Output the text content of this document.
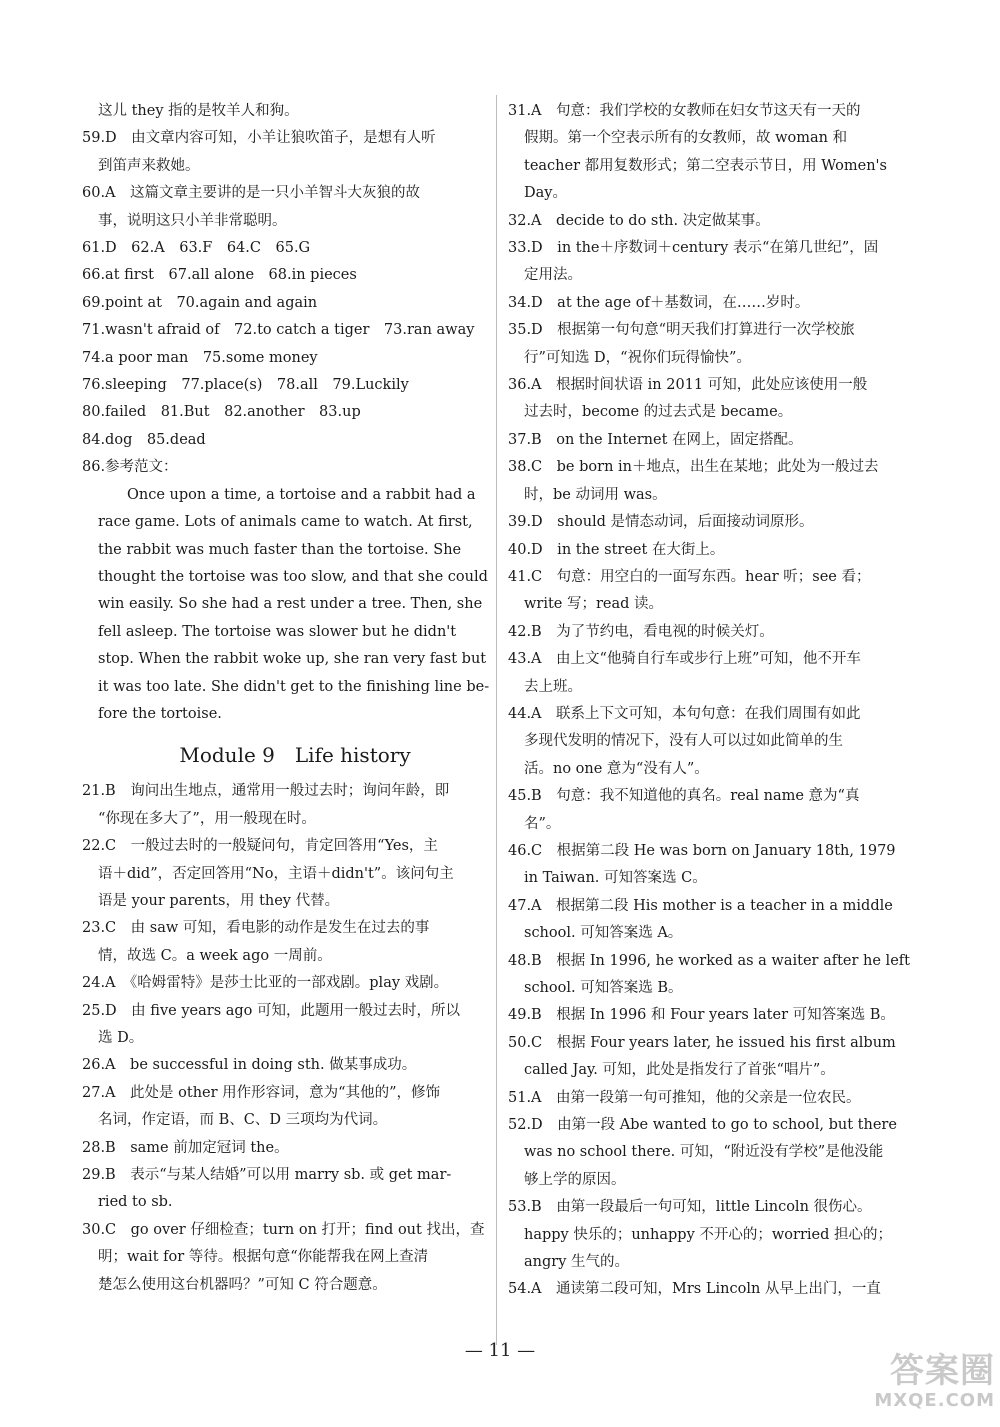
这儿 they 指的是牧羊人和狗。
59.D　由文章内容可知，小羊让狼吹笛子，是想有人听
到笛声来救她。
60.A　这篇文章主要讲的是一只小羊智斗大灰狼的故
事，说明这只小羊非常聪明。
61.D　62.A　63.F　64.C　65.G
66.at first　67.all alone　68.in pieces
69.point at　70.again and again
71.wasn't afraid of　72.to catch a tiger　73.ran away
74.a poor man　75.some money
76.sleeping　77.place(s)　78.all　79.Luckily
80.failed　81.But　82.another　83.up
84.dog　85.dead
86.参考范文：
　　Once upon a time, a tortoise and a rabbit had a
race game. Lots of animals came to watch. At first,
the rabbit was much faster than the tortoise. She
thought the tortoise was too slow, and that she could
win easily. So she had a rest under a tree. Then, she
fell asleep. The tortoise was slower but he didn't
stop. When the rabbit woke up, she ran very fast but
it was too late. She didn't get to the finishing line be-
fore the tortoise.
Module 9　Life history
21.B　询问出生地点，通常用一般过去时；询问年龄，即
“你现在多大了”，用一般现在时。
22.C　一般过去时的一般疑问句，肯定回答用“Yes，主
语＋did”，否定回答用“No，主语＋didn't”。该问句主
语是 your parents，用 they 代替。
23.C　由 saw 可知，看电影的动作是发生在过去的事
情，故选 C。a week ago 一周前。
24.A　《哈姆雷特》是莎士比亚的一部戏剧。play 戏剧。
25.D　由 five years ago 可知，此题用一般过去时，所以
选 D。
26.A　be successful in doing sth. 做某事成功。
27.A　此处是 other 用作形容词，意为“其他的”，修饰
名词，作定语，而 B、C、D 三项均为代词。
28.B　same 前加定冠词 the。
29.B　表示“与某人结婚”可以用 marry sb. 或 get mar-
ried to sb.
30.C　go over 仔细检查；turn on 打开；find out 找出，查
明；wait for 等待。根据句意“你能帮我在网上查清
楚怎么使用这台机器吗？”可知 C 符合题意。
31.A　句意：我们学校的女教师在妇女节这天有一天的
假期。第一个空表示所有的女教师，故 woman 和
teacher 都用复数形式；第二空表示节日，用 Women's
Day。
32.A　decide to do sth. 决定做某事。
33.D　in the＋序数词＋century 表示“在第几世纪”，固
定用法。
34.D　at the age of＋基数词，在……岁时。
35.D　根据第一句句意“明天我们打算进行一次学校旅
行”可知选 D，“祝你们玩得愉快”。
36.A　根据时间状语 in 2011 可知，此处应该使用一般
过去时，become 的过去式是 became。
37.B　on the Internet 在网上，固定搭配。
38.C　be born in＋地点，出生在某地；此处为一般过去
时，be 动词用 was。
39.D　should 是情态动词，后面接动词原形。
40.D　in the street 在大街上。
41.C　句意：用空白的一面写东西。hear 听；see 看；
write 写；read 读。
42.B　为了节约电，看电视的时候关灯。
43.A　由上文“他骑自行车或步行上班”可知，他不开车
去上班。
44.A　联系上下文可知，本句句意：在我们周围有如此
多现代发明的情况下，没有人可以过如此简单的生
活。no one 意为“没有人”。
45.B　句意：我不知道他的真名。real name 意为“真
名”。
46.C　根据第二段 He was born on January 18th, 1979
in Taiwan. 可知答案选 C。
47.A　根据第二段 His mother is a teacher in a middle
school. 可知答案选 A。
48.B　根据 In 1996, he worked as a waiter after he left
school. 可知答案选 B。
49.B　根据 In 1996 和 Four years later 可知答案选 B。
50.C　根据 Four years later, he issued his first album
called Jay. 可知，此处是指发行了首张“唱片”。
51.A　由第一段第一句可推知，他的父亲是一位农民。
52.D　由第一段 Abe wanted to go to school, but there
was no school there. 可知，“附近没有学校”是他没能
够上学的原因。
53.B　由第一段最后一句可知，little Lincoln 很伤心。
happy 快乐的；unhappy 不开心的；worried 担心的；
angry 生气的。
54.A　通读第二段可知，Mrs Lincoln 从早上出门，一直
— 11 —
答案圈
MXQE.COM
